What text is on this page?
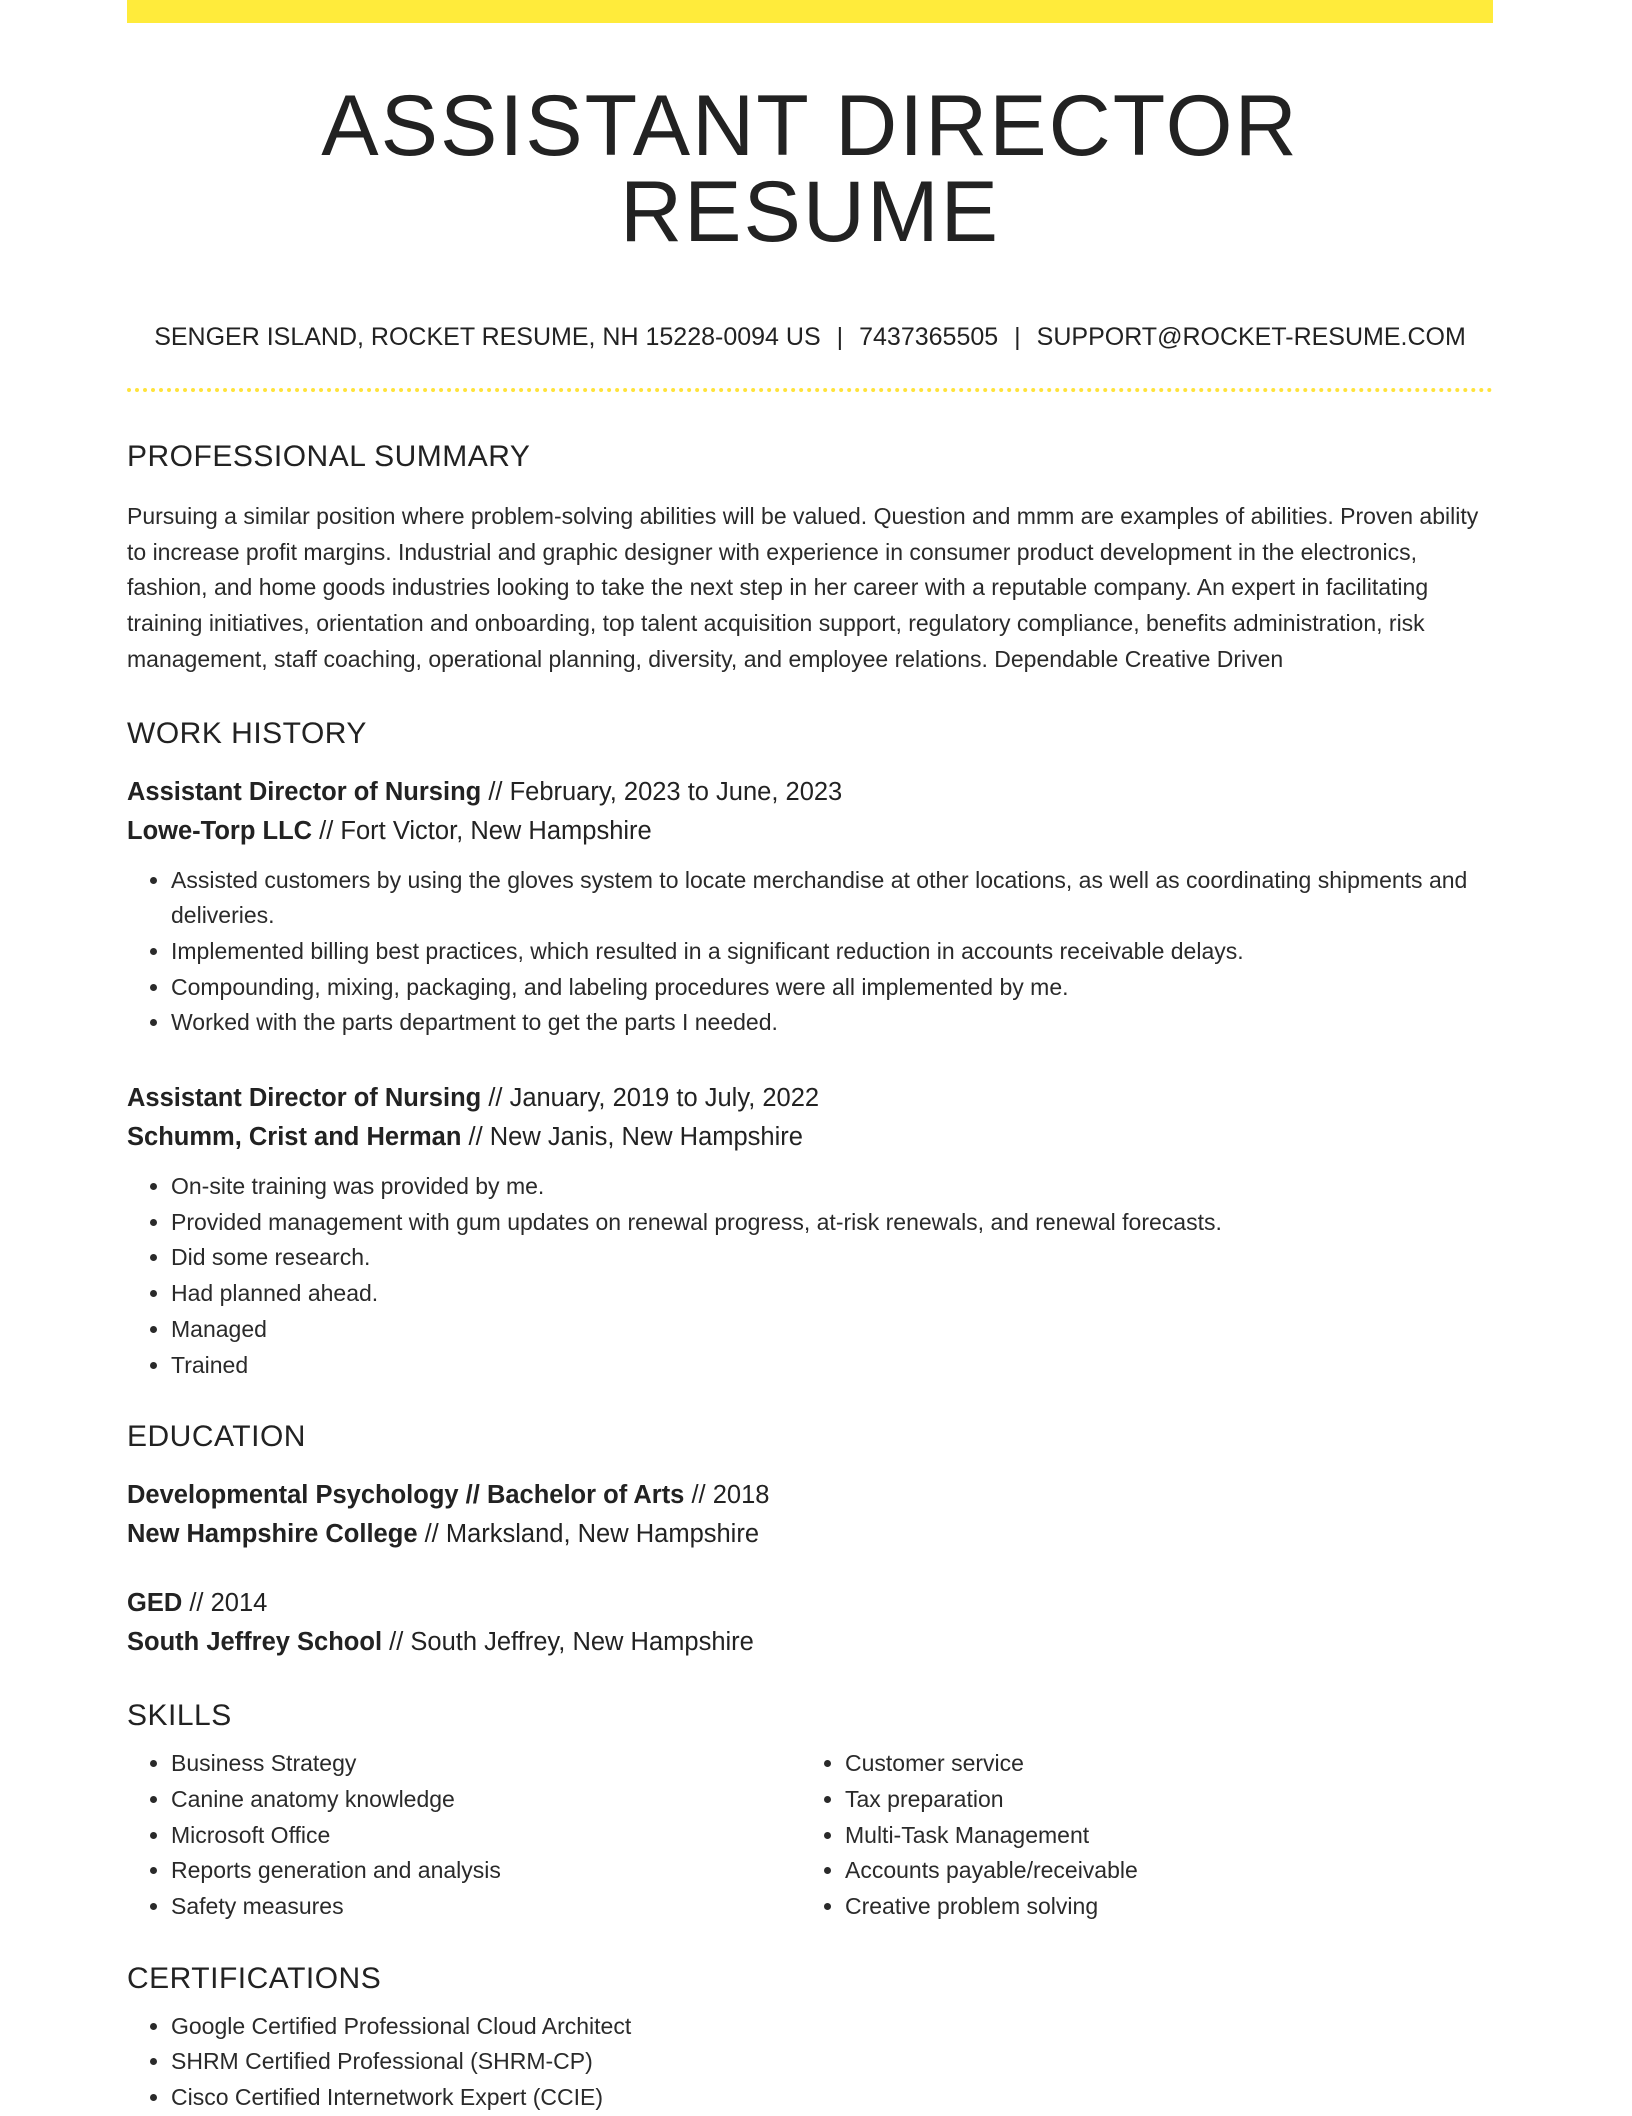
ASSISTANT DIRECTOR RESUME
SENGER ISLAND, ROCKET RESUME, NH 15228-0094 US | 7437365505 | SUPPORT@ROCKET-RESUME.COM
PROFESSIONAL SUMMARY
Pursuing a similar position where problem-solving abilities will be valued. Question and mmm are examples of abilities. Proven ability to increase profit margins. Industrial and graphic designer with experience in consumer product development in the electronics, fashion, and home goods industries looking to take the next step in her career with a reputable company. An expert in facilitating training initiatives, orientation and onboarding, top talent acquisition support, regulatory compliance, benefits administration, risk management, staff coaching, operational planning, diversity, and employee relations. Dependable Creative Driven
WORK HISTORY
Assistant Director of Nursing // February, 2023 to June, 2023
Lowe-Torp LLC // Fort Victor, New Hampshire
• Assisted customers by using the gloves system to locate merchandise at other locations, as well as coordinating shipments and deliveries.
• Implemented billing best practices, which resulted in a significant reduction in accounts receivable delays.
• Compounding, mixing, packaging, and labeling procedures were all implemented by me.
• Worked with the parts department to get the parts I needed.
Assistant Director of Nursing // January, 2019 to July, 2022
Schumm, Crist and Herman // New Janis, New Hampshire
• On-site training was provided by me.
• Provided management with gum updates on renewal progress, at-risk renewals, and renewal forecasts.
• Did some research.
• Had planned ahead.
• Managed
• Trained
EDUCATION
Developmental Psychology // Bachelor of Arts // 2018
New Hampshire College // Marksland, New Hampshire
GED // 2014
South Jeffrey School // South Jeffrey, New Hampshire
SKILLS
• Business Strategy
• Canine anatomy knowledge
• Microsoft Office
• Reports generation and analysis
• Safety measures
• Customer service
• Tax preparation
• Multi-Task Management
• Accounts payable/receivable
• Creative problem solving
CERTIFICATIONS
• Google Certified Professional Cloud Architect
• SHRM Certified Professional (SHRM-CP)
• Cisco Certified Internetwork Expert (CCIE)
